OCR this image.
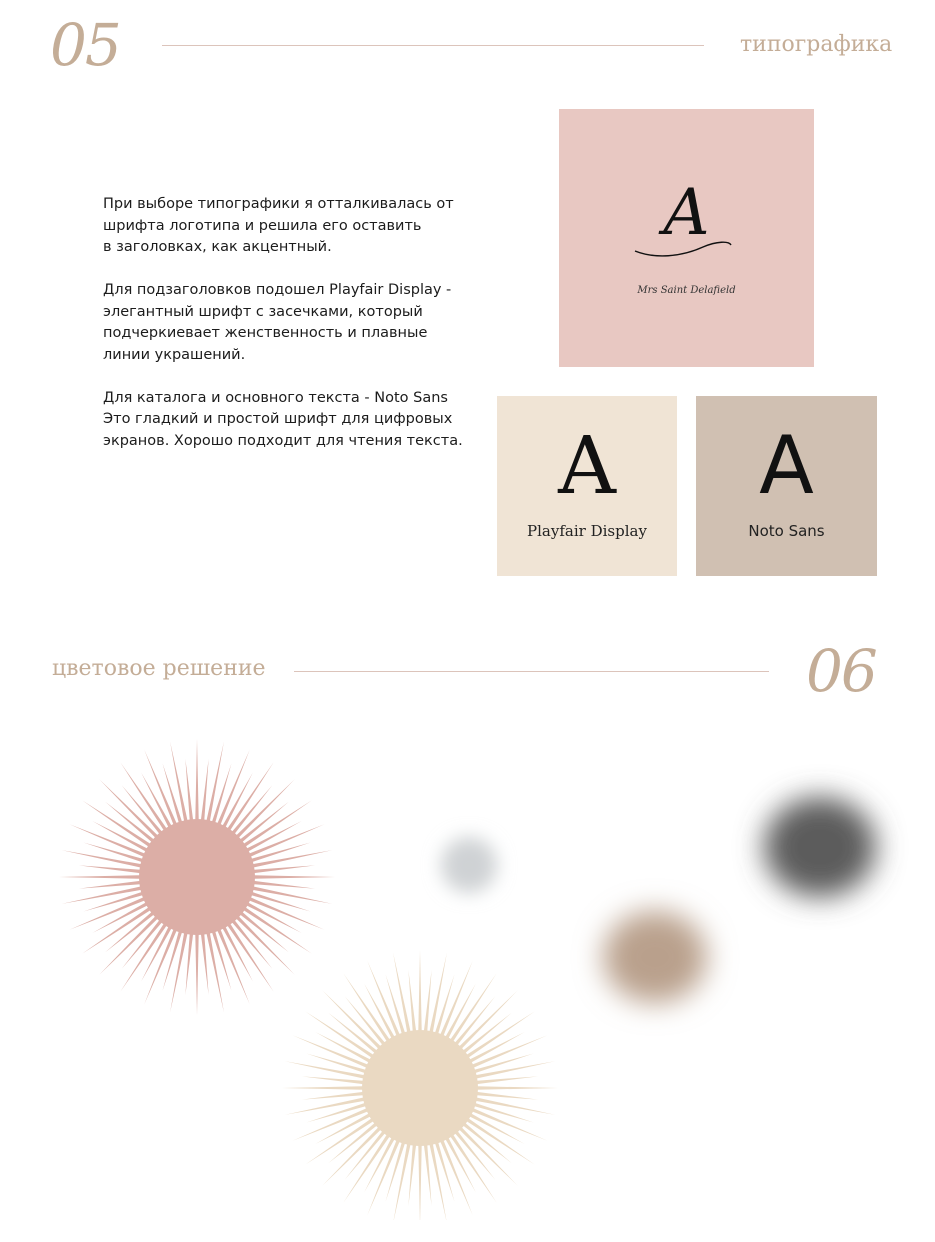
05	типографика

При выборе типографики я отталкивалась от
шрифта логотипа и решила его оставить
в заголовках, как акцентный.

Для подзаголовков подошел Playfair Display -
элегантный шрифт с засечками, который
подчеркиевает женственность и плавные
линии украшений.

Для каталога и основного текста - Noto Sans
Это гладкий и простой шрифт для цифровых
экранов. Хорошо подходит для чтения текста.

A
Mrs Saint Delafield
A
Playfair Display
A
Noto Sans
цветовое решение	06
